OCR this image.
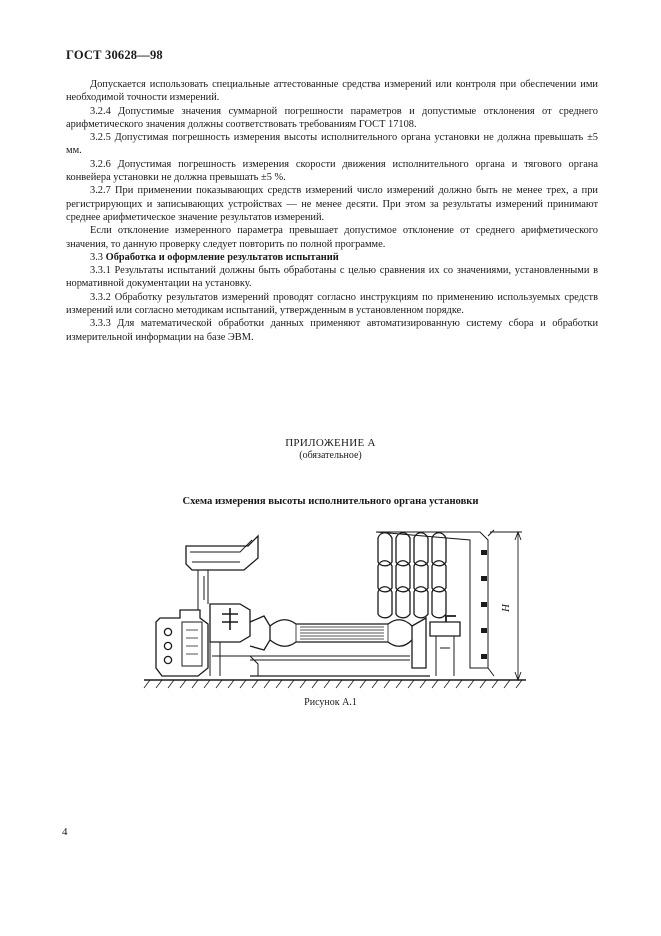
ГОСТ 30628—98

Допускается использовать специальные аттестованные средства измерений или контроля при обеспечении ими необходимой точности измерений.

3.2.4 Допустимые значения суммарной погрешности параметров и допустимые отклонения от среднего арифметического значения должны соответствовать требованиям ГОСТ 17108.

3.2.5 Допустимая погрешность измерения высоты исполнительного органа установки не должна превышать ±5 мм.

3.2.6 Допустимая погрешность измерения скорости движения исполнительного органа и тягового органа конвейера установки не должна превышать ±5 %.

3.2.7 При применении показывающих средств измерений число измерений должно быть не менее трех, а при регистрирующих и записывающих устройствах — не менее десяти. При этом за результаты измерений принимают среднее арифметическое значение результатов измерений.

Если отклонение измеренного параметра превышает допустимое отклонение от среднего арифметического значения, то данную проверку следует повторить по полной программе.

3.3 Обработка и оформление результатов испытаний

3.3.1 Результаты испытаний должны быть обработаны с целью сравнения их со значениями, установленными в нормативной документации на установку.

3.3.2 Обработку результатов измерений проводят согласно инструкциям по применению используемых средств измерений или согласно методикам испытаний, утвержденным в установленном порядке.

3.3.3 Для математической обработки данных применяют автоматизированную систему сбора и обработки измерительной информации на базе ЭВМ.

ПРИЛОЖЕНИЕ А
(обязательное)
Схема измерения высоты исполнительного органа установки
H
Рисунок А.1
4
